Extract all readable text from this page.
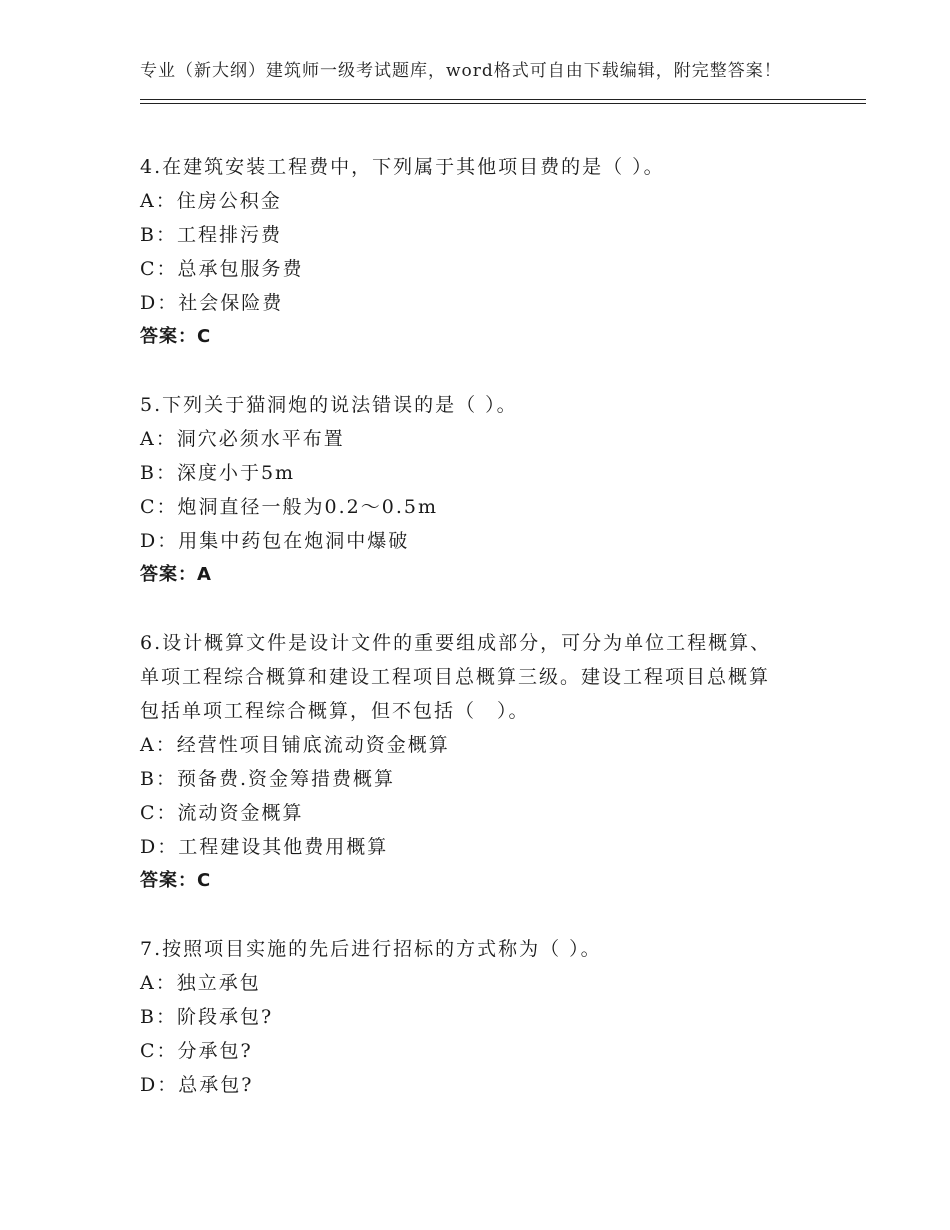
专业（新大纲）建筑师一级考试题库，word格式可自由下载编辑，附完整答案！
4.在建筑安装工程费中，下列属于其他项目费的是（ ）。
A：住房公积金
B：工程排污费
C：总承包服务费
D：社会保险费
答案：C
5.下列关于猫洞炮的说法错误的是（ ）。
A：洞穴必须水平布置
B：深度小于5m
C：炮洞直径一般为0.2～0.5m
D：用集中药包在炮洞中爆破
答案：A
6.设计概算文件是设计文件的重要组成部分，可分为单位工程概算、
单项工程综合概算和建设工程项目总概算三级。建设工程项目总概算
包括单项工程综合概算，但不包括（　）。
A：经营性项目铺底流动资金概算
B：预备费.资金筹措费概算
C：流动资金概算
D：工程建设其他费用概算
答案：C
7.按照项目实施的先后进行招标的方式称为（ ）。
A：独立承包
B：阶段承包?
C：分承包?
D：总承包?
